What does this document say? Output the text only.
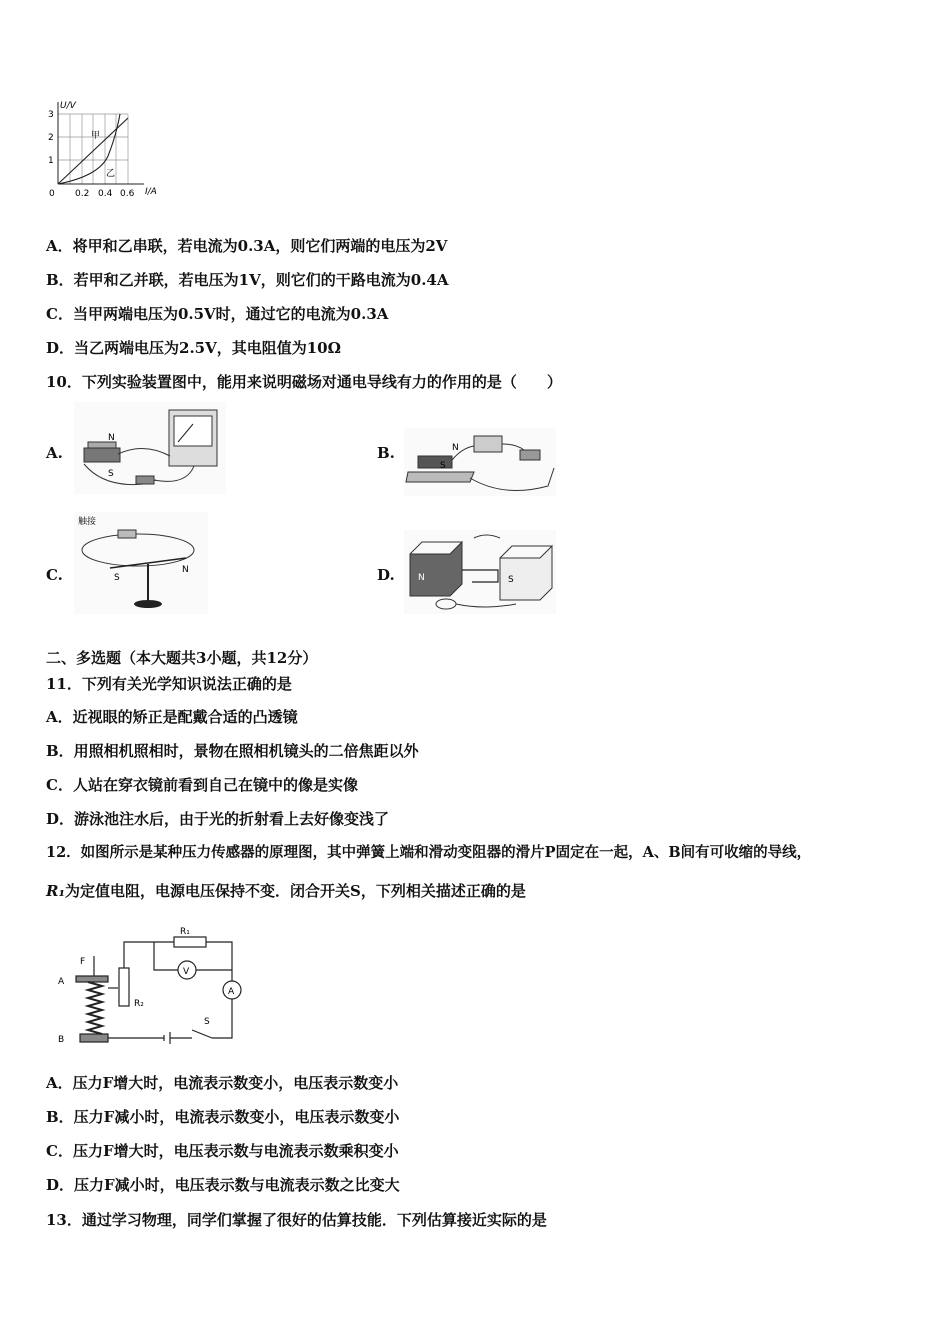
U/V
I/A
3
2
1
0 0.2 0.4 0.6
甲
乙
A．将甲和乙串联，若电流为0.3A，则它们两端的电压为2V
B．若甲和乙并联，若电压为1V，则它们的干路电流为0.4A
C．当甲两端电压为0.5V时，通过它的电流为0.3A
D．当乙两端电压为2.5V，其电阻值为10Ω
10．下列实验装置图中，能用来说明磁场对通电导线有力的作用的是（　　）
A.
N
S
B.	N
S
C.
触接
S
N	D.	N	S
二、多选题（本大题共3小题，共12分）
11．下列有关光学知识说法正确的是
A．近视眼的矫正是配戴合适的凸透镜
B．用照相机照相时，景物在照相机镜头的二倍焦距以外
C．人站在穿衣镜前看到自己在镜中的像是实像
D．游泳池注水后，由于光的折射看上去好像变浅了
12．如图所示是某种压力传感器的原理图，其中弹簧上端和滑动变阻器的滑片P固定在一起，A、B间有可收缩的导线，
R₁为定值电阻，电源电压保持不变．闭合开关S，下列相关描述正确的是
R₁
R₂
F
A
B
V
A
S
A．压力F增大时，电流表示数变小，电压表示数变小
B．压力F减小时，电流表示数变小，电压表示数变小
C．压力F增大时，电压表示数与电流表示数乘积变小
D．压力F减小时，电压表示数与电流表示数之比变大
13．通过学习物理，同学们掌握了很好的估算技能．下列估算接近实际的是
